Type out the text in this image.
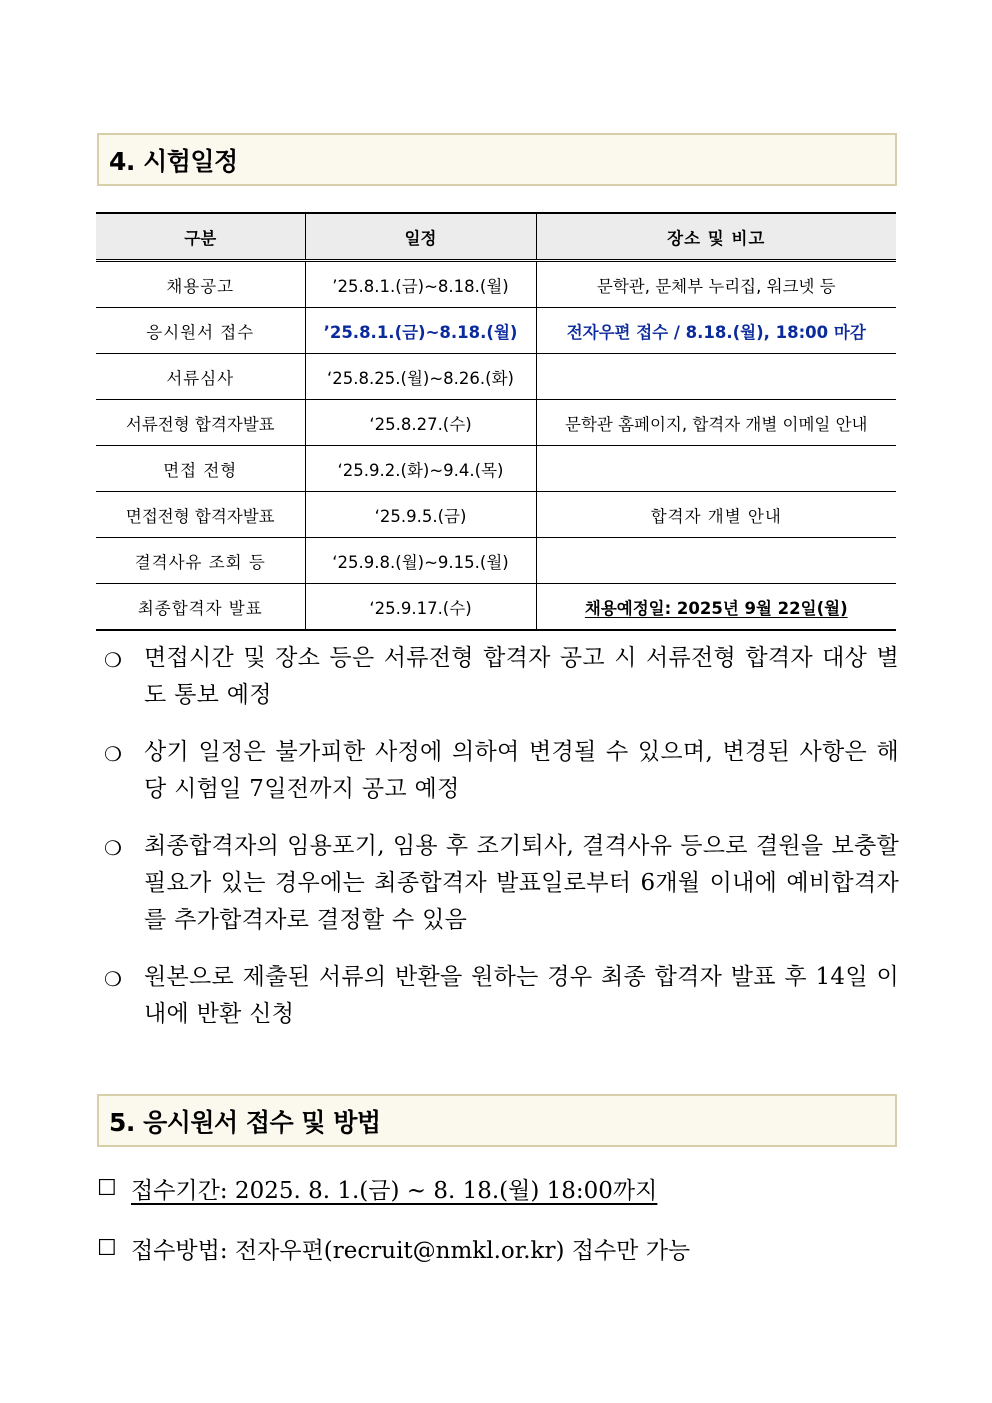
4. 시험일정
구분	일정	장소 및 비고
채용공고	’25.8.1.(금)~8.18.(월)	문학관, 문체부 누리집, 워크넷 등
응시원서 접수	’25.8.1.(금)~8.18.(월)	전자우편 접수 / 8.18.(월), 18:00 마감
서류심사	‘25.8.25.(월)~8.26.(화)	
서류전형 합격자발표	‘25.8.27.(수)	문학관 홈페이지, 합격자 개별 이메일 안내
면접 전형	‘25.9.2.(화)~9.4.(목)	
면접전형 합격자발표	‘25.9.5.(금)	합격자 개별 안내
결격사유 조회 등	‘25.9.8.(월)~9.15.(월)	
최종합격자 발표	‘25.9.17.(수)	채용예정일: 2025년 9월 22일(월)
❍ 면접시간 및 장소 등은 서류전형 합격자 공고 시 서류전형 합격자 대상 별도 통보 예정
❍ 상기 일정은 불가피한 사정에 의하여 변경될 수 있으며, 변경된 사항은 해당 시험일 7일전까지 공고 예정
❍ 최종합격자의 임용포기, 임용 후 조기퇴사, 결격사유 등으로 결원을 보충할 필요가 있는 경우에는 최종합격자 발표일로부터 6개월 이내에 예비합격자를 추가합격자로 결정할 수 있음
❍ 원본으로 제출된 서류의 반환을 원하는 경우 최종 합격자 발표 후 14일 이내에 반환 신청
5. 응시원서 접수 및 방법
☐ 접수기간: 2025. 8. 1.(금) ~ 8. 18.(월) 18:00까지
☐ 접수방법: 전자우편(recruit@nmkl.or.kr) 접수만 가능
